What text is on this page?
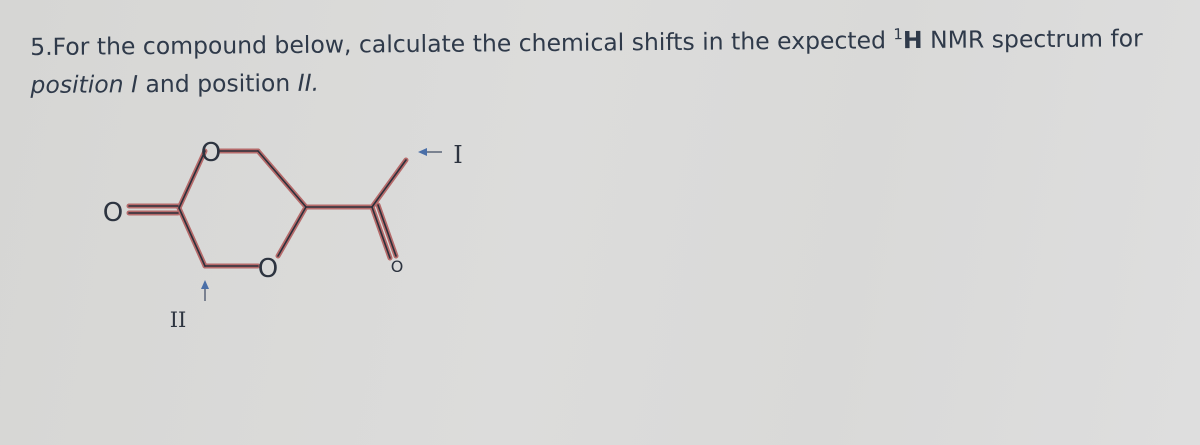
5.For the compound below, calculate the chemical shifts in the expected $^1$H NMR spectrum for
position I and position II.
O
O
O	O
I
II
